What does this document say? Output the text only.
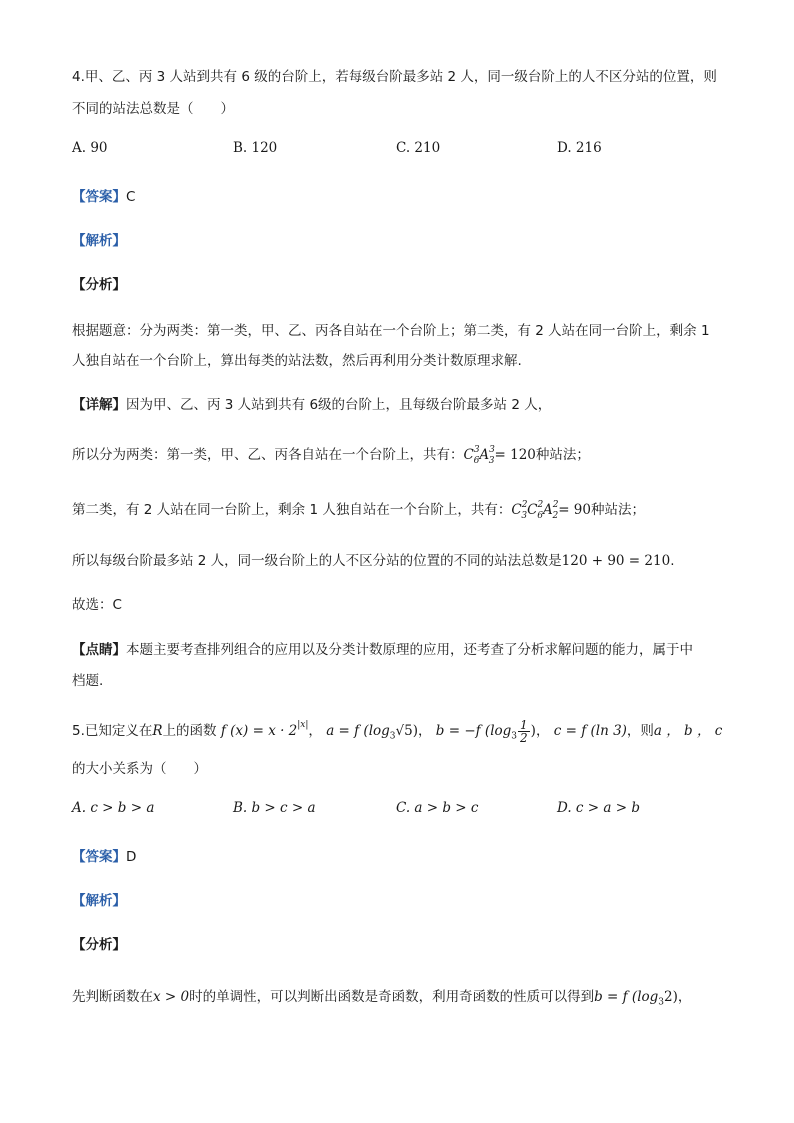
4.甲、乙、丙 3 人站到共有 6 级的台阶上，若每级台阶最多站 2 人，同一级台阶上的人不区分站的位置，则
不同的站法总数是（　　）
A. 90	B. 120	C. 210	D. 216
【答案】C
【解析】
【分析】
根据题意：分为两类：第一类，甲、乙、丙各自站在一个台阶上；第二类，有 2 人站在同一台阶上，剩余 1
人独自站在一个台阶上，算出每类的站法数，然后再利用分类计数原理求解.
【详解】因为甲、乙、丙 3 人站到共有 6级的台阶上，且每级台阶最多站 2 人，
所以分为两类：第一类，甲、乙、丙各自站在一个台阶上，共有：$C^3_6A^3_3= 120$种站法；
第二类，有 2 人站在同一台阶上，剩余 1 人独自站在一个台阶上，共有：$C^2_3C^2_6A^2_2= 90$种站法；
所以每级台阶最多站 2 人，同一级台阶上的人不区分站的位置的不同的站法总数是120 + 90 = 210.
故选：C
【点睛】本题主要考查排列组合的应用以及分类计数原理的应用，还考查了分析求解问题的能力，属于中
档题.
5.已知定义在R上的函数 f $(x) = x \cdot 2^{|x|}$， a = f $(\log_3√5)$， b = −f ($\log_3 \frac{1}{2}$ )， c = f (ln 3)，则a ， b ， c
的大小关系为（　　）
A. c > b > a	B. b > c > a	C. a > b > c	D. c > a > b
【答案】D
【解析】
【分析】
先判断函数在x > 0时的单调性，可以判断出函数是奇函数，利用奇函数的性质可以得到b = f $(\log_32)$，
